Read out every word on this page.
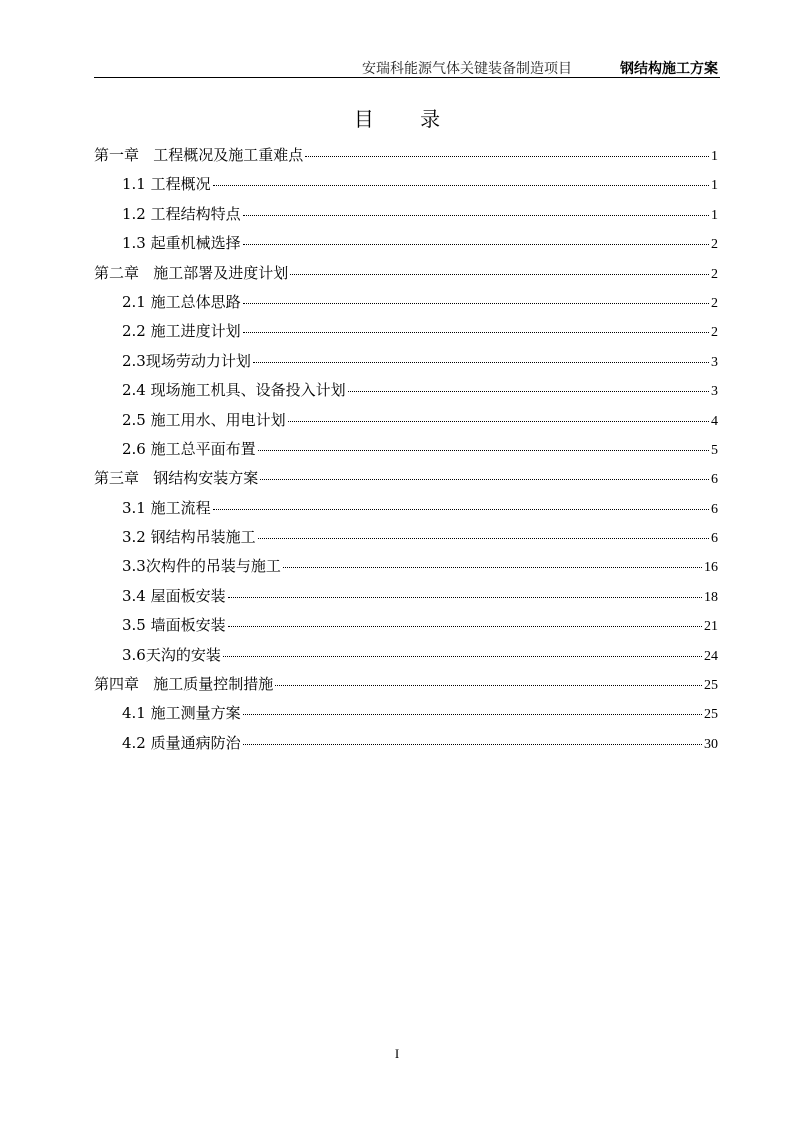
安瑞科能源气体关键装备制造项目	钢结构施工方案
目 录
第一章   工程概况及施工重难点	1
1.1 工程概况	1
1.2 工程结构特点	1
1.3 起重机械选择	2
第二章   施工部署及进度计划	2
2.1 施工总体思路	2
2.2 施工进度计划	2
2.3现场劳动力计划	3
2.4 现场施工机具、设备投入计划	3
2.5 施工用水、用电计划	4
2.6 施工总平面布置	5
第三章   钢结构安装方案	6
3.1 施工流程	6
3.2 钢结构吊装施工	6
3.3次构件的吊装与施工	16
3.4 屋面板安装	18
3.5 墙面板安装	21
3.6天沟的安装	24
第四章   施工质量控制措施	25
4.1 施工测量方案	25
4.2 质量通病防治	30
I
